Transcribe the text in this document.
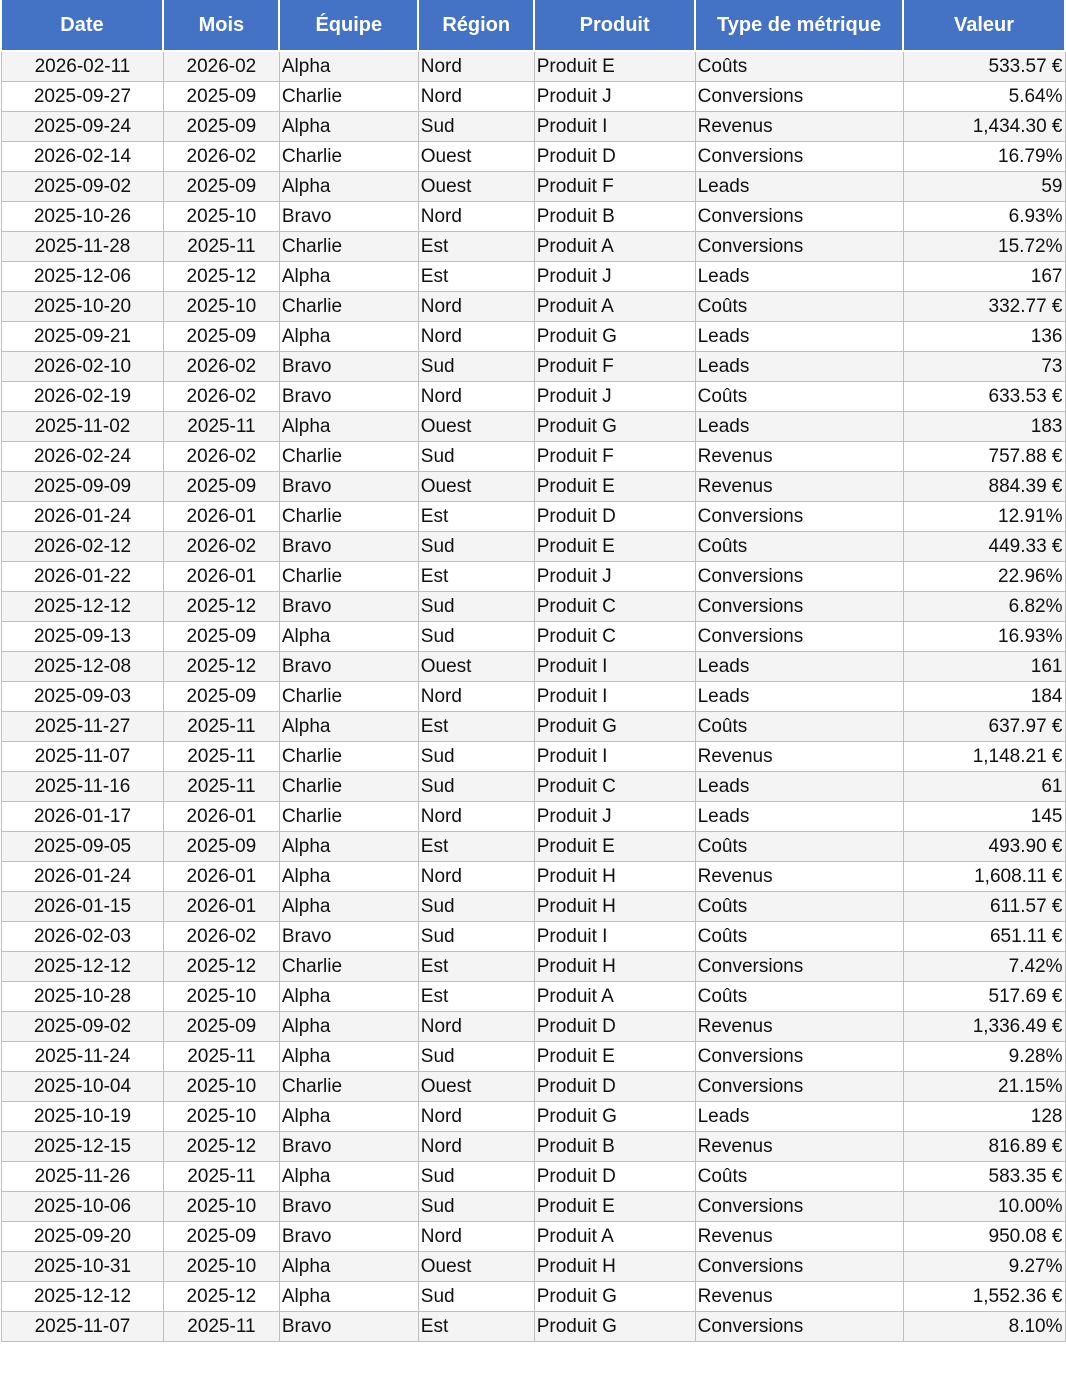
Date	Mois	Équipe	Région	Produit	Type de métrique	Valeur
2026-02-11	2026-02	Alpha	Nord	Produit E	Coûts	533.57 €
2025-09-27	2025-09	Charlie	Nord	Produit J	Conversions	5.64%
2025-09-24	2025-09	Alpha	Sud	Produit I	Revenus	1,434.30 €
2026-02-14	2026-02	Charlie	Ouest	Produit D	Conversions	16.79%
2025-09-02	2025-09	Alpha	Ouest	Produit F	Leads	59
2025-10-26	2025-10	Bravo	Nord	Produit B	Conversions	6.93%
2025-11-28	2025-11	Charlie	Est	Produit A	Conversions	15.72%
2025-12-06	2025-12	Alpha	Est	Produit J	Leads	167
2025-10-20	2025-10	Charlie	Nord	Produit A	Coûts	332.77 €
2025-09-21	2025-09	Alpha	Nord	Produit G	Leads	136
2026-02-10	2026-02	Bravo	Sud	Produit F	Leads	73
2026-02-19	2026-02	Bravo	Nord	Produit J	Coûts	633.53 €
2025-11-02	2025-11	Alpha	Ouest	Produit G	Leads	183
2026-02-24	2026-02	Charlie	Sud	Produit F	Revenus	757.88 €
2025-09-09	2025-09	Bravo	Ouest	Produit E	Revenus	884.39 €
2026-01-24	2026-01	Charlie	Est	Produit D	Conversions	12.91%
2026-02-12	2026-02	Bravo	Sud	Produit E	Coûts	449.33 €
2026-01-22	2026-01	Charlie	Est	Produit J	Conversions	22.96%
2025-12-12	2025-12	Bravo	Sud	Produit C	Conversions	6.82%
2025-09-13	2025-09	Alpha	Sud	Produit C	Conversions	16.93%
2025-12-08	2025-12	Bravo	Ouest	Produit I	Leads	161
2025-09-03	2025-09	Charlie	Nord	Produit I	Leads	184
2025-11-27	2025-11	Alpha	Est	Produit G	Coûts	637.97 €
2025-11-07	2025-11	Charlie	Sud	Produit I	Revenus	1,148.21 €
2025-11-16	2025-11	Charlie	Sud	Produit C	Leads	61
2026-01-17	2026-01	Charlie	Nord	Produit J	Leads	145
2025-09-05	2025-09	Alpha	Est	Produit E	Coûts	493.90 €
2026-01-24	2026-01	Alpha	Nord	Produit H	Revenus	1,608.11 €
2026-01-15	2026-01	Alpha	Sud	Produit H	Coûts	611.57 €
2026-02-03	2026-02	Bravo	Sud	Produit I	Coûts	651.11 €
2025-12-12	2025-12	Charlie	Est	Produit H	Conversions	7.42%
2025-10-28	2025-10	Alpha	Est	Produit A	Coûts	517.69 €
2025-09-02	2025-09	Alpha	Nord	Produit D	Revenus	1,336.49 €
2025-11-24	2025-11	Alpha	Sud	Produit E	Conversions	9.28%
2025-10-04	2025-10	Charlie	Ouest	Produit D	Conversions	21.15%
2025-10-19	2025-10	Alpha	Nord	Produit G	Leads	128
2025-12-15	2025-12	Bravo	Nord	Produit B	Revenus	816.89 €
2025-11-26	2025-11	Alpha	Sud	Produit D	Coûts	583.35 €
2025-10-06	2025-10	Bravo	Sud	Produit E	Conversions	10.00%
2025-09-20	2025-09	Bravo	Nord	Produit A	Revenus	950.08 €
2025-10-31	2025-10	Alpha	Ouest	Produit H	Conversions	9.27%
2025-12-12	2025-12	Alpha	Sud	Produit G	Revenus	1,552.36 €
2025-11-07	2025-11	Bravo	Est	Produit G	Conversions	8.10%
